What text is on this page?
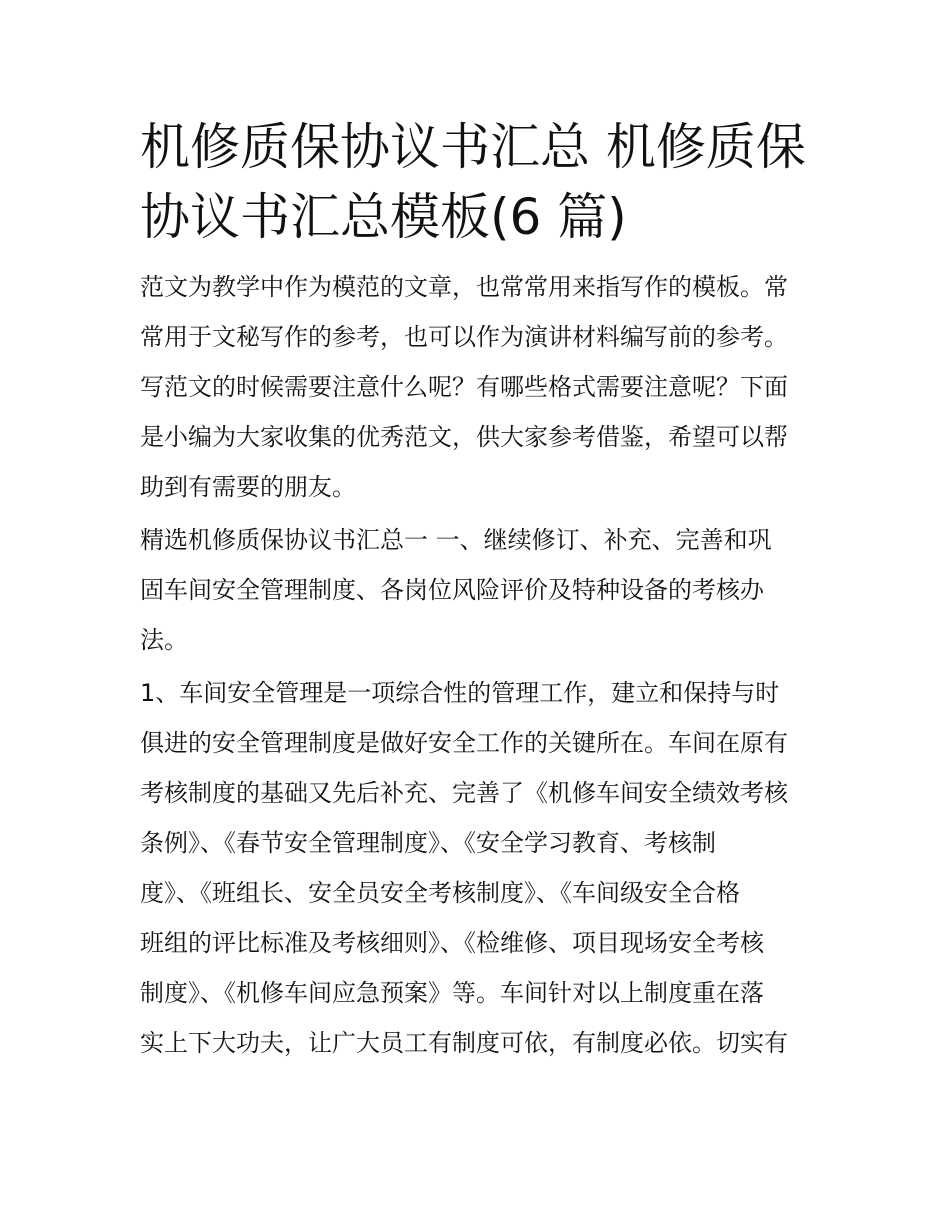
机修质保协议书汇总 机修质保
协议书汇总模板(6 篇)

范文为教学中作为模范的文章，也常常用来指写作的模板。常
常用于文秘写作的参考，也可以作为演讲材料编写前的参考。
写范文的时候需要注意什么呢？有哪些格式需要注意呢？下面
是小编为大家收集的优秀范文，供大家参考借鉴，希望可以帮
助到有需要的朋友。

精选机修质保协议书汇总一 一、继续修订、补充、完善和巩
固车间安全管理制度、各岗位风险评价及特种设备的考核办
法。

1、车间安全管理是一项综合性的管理工作，建立和保持与时
俱进的安全管理制度是做好安全工作的关键所在。车间在原有
考核制度的基础又先后补充、完善了《机修车间安全绩效考核
条例》、《春节安全管理制度》、《安全学习教育、考核制
度》、《班组长、安全员安全考核制度》、《车间级安全合格
班组的评比标准及考核细则》、《检维修、项目现场安全考核
制度》、《机修车间应急预案》等。车间针对以上制度重在落
实上下大功夫，让广大员工有制度可依，有制度必依。切实有
